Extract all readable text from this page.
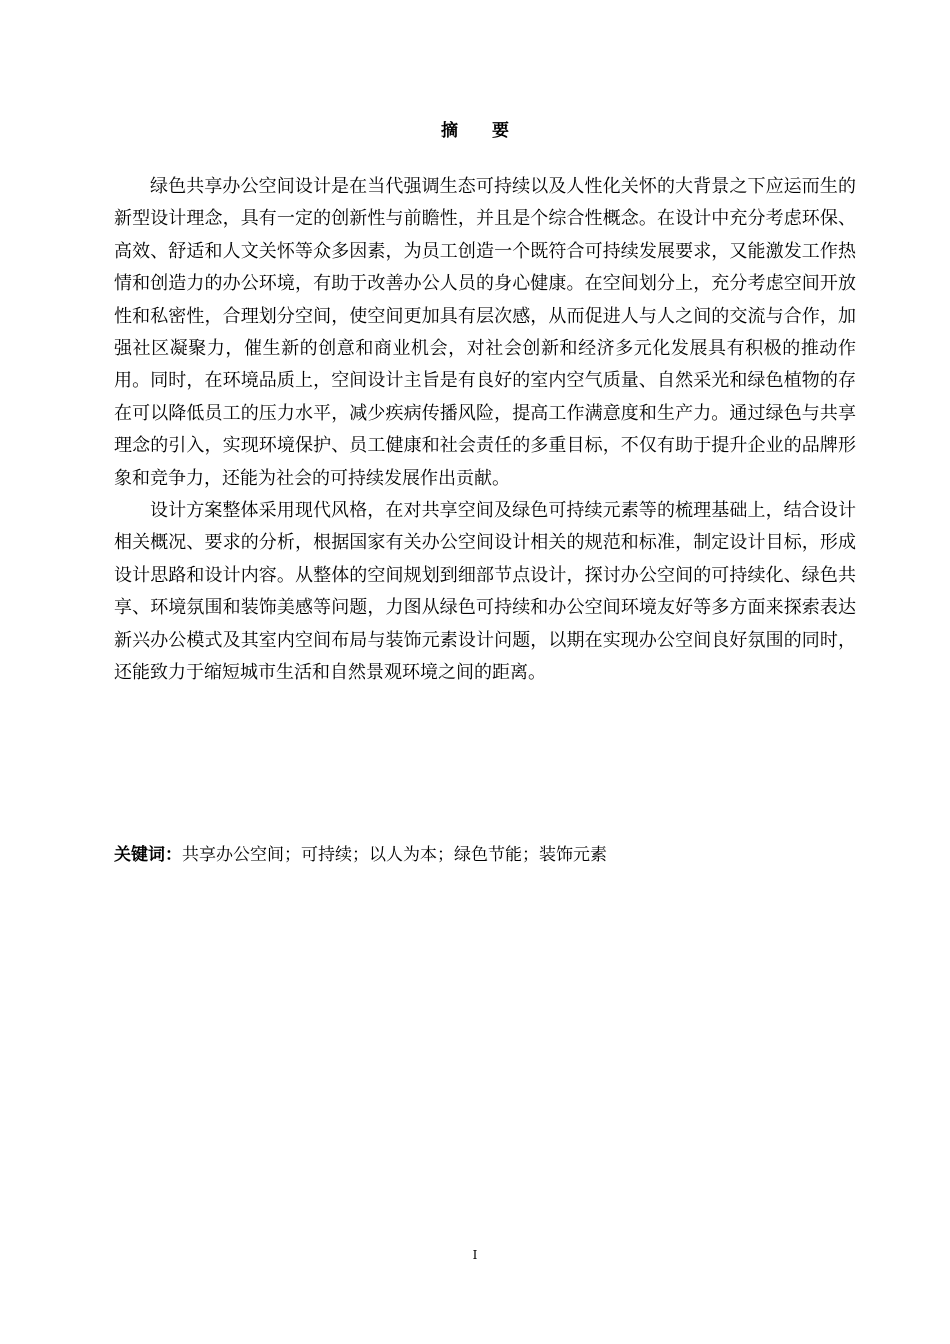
摘 要

绿色共享办公空间设计是在当代强调生态可持续以及人性化关怀的大背景之下应运而生的新型设计理念，具有一定的创新性与前瞻性，并且是个综合性概念。在设计中充分考虑环保、高效、舒适和人文关怀等众多因素，为员工创造一个既符合可持续发展要求，又能激发工作热情和创造力的办公环境，有助于改善办公人员的身心健康。在空间划分上，充分考虑空间开放性和私密性，合理划分空间，使空间更加具有层次感，从而促进人与人之间的交流与合作，加强社区凝聚力，催生新的创意和商业机会，对社会创新和经济多元化发展具有积极的推动作用。同时，在环境品质上，空间设计主旨是有良好的室内空气质量、自然采光和绿色植物的存在可以降低员工的压力水平，减少疾病传播风险，提高工作满意度和生产力。通过绿色与共享理念的引入，实现环境保护、员工健康和社会责任的多重目标，不仅有助于提升企业的品牌形象和竞争力，还能为社会的可持续发展作出贡献。

设计方案整体采用现代风格，在对共享空间及绿色可持续元素等的梳理基础上，结合设计相关概况、要求的分析，根据国家有关办公空间设计相关的规范和标准，制定设计目标，形成设计思路和设计内容。从整体的空间规划到细部节点设计，探讨办公空间的可持续化、绿色共享、环境氛围和装饰美感等问题，力图从绿色可持续和办公空间环境友好等多方面来探索表达新兴办公模式及其室内空间布局与装饰元素设计问题，以期在实现办公空间良好氛围的同时，还能致力于缩短城市生活和自然景观环境之间的距离。

关键词：共享办公空间；可持续；以人为本；绿色节能；装饰元素
I
